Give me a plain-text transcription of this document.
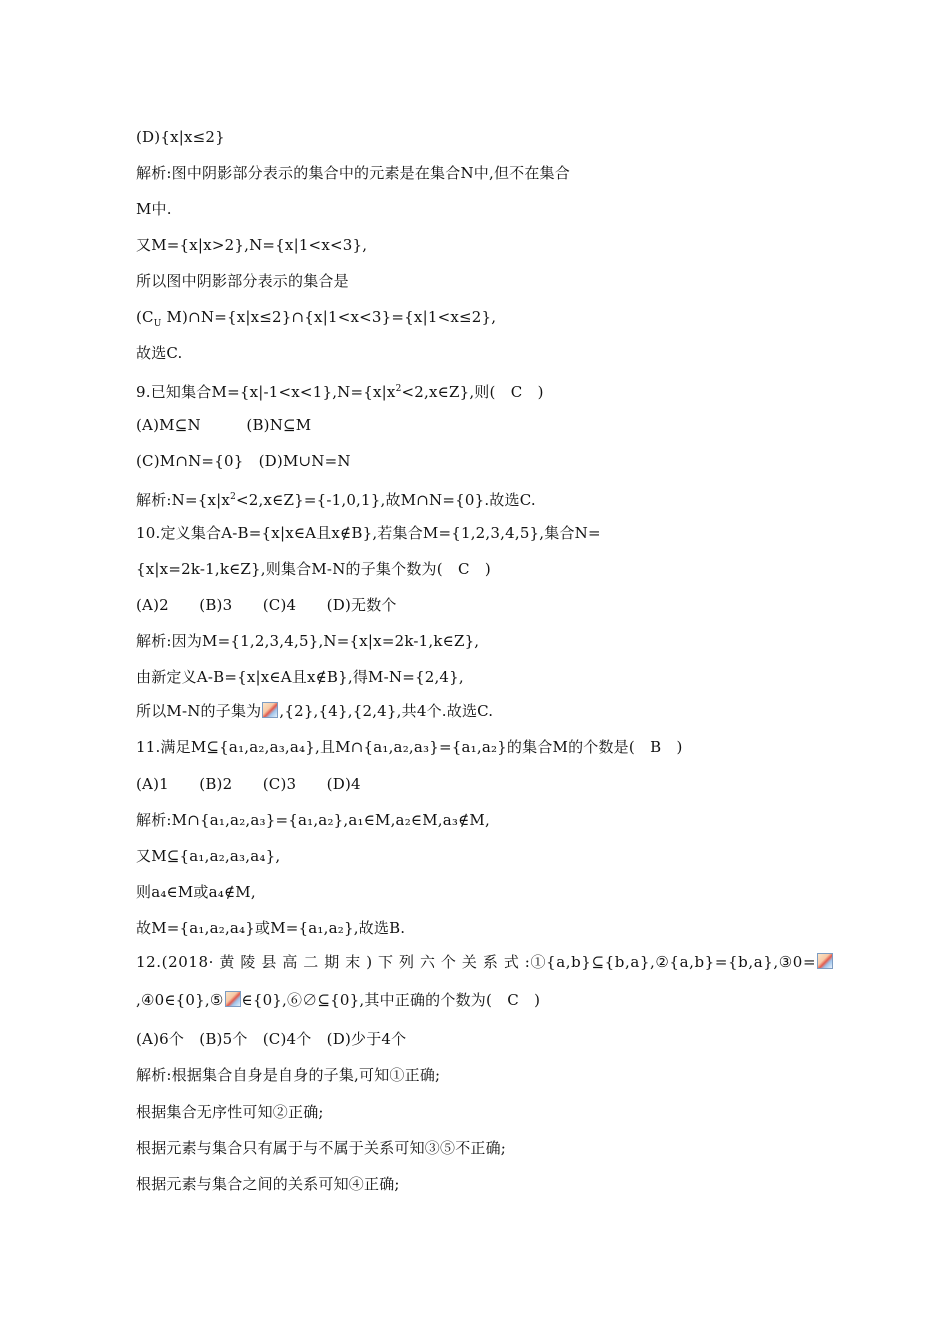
(D){x|x≤2}
解析:图中阴影部分表示的集合中的元素是在集合N中,但不在集合
M中.
又M={x|x>2},N={x|1<x<3},
所以图中阴影部分表示的集合是
($C_U$ M)∩N={x|x≤2}∩{x|1<x<3}={x|1<x≤2},
故选C.
9.已知集合$M=\{x|-1<x<1\},N=\{x|x^2<2,x\in Z\}$,则(　C　)
(A)M⊆N　　　(B)N⊆M
(C)M∩N={0}　(D)M∪N=N
解析$:N=\{x|x^2<2,x\in Z\}=\{-1,0,1\}$,故M∩N={0}.故选C.
10.定义集合A-B={x|x∈A且x∉B},若集合M={1,2,3,4,5},集合N=
{x|x=2k-1,k∈Z},则集合M-N的子集个数为(　C　)
(A)2　　(B)3　　(C)4　　(D)无数个
解析:因为M={1,2,3,4,5},N={x|x=2k-1,k∈Z},
由新定义A-B={x|x∈A且x∉B},得M-N={2,4},
所以M-N的子集为 ,{2},{4},{2,4},共4个.故选C.
11.满足M⊆{a₁,a₂,a₃,a₄},且M∩{a₁,a₂,a₃}={a₁,a₂}的集合M的个数是(　B　)
(A)1　　(B)2　　(C)3　　(D)4
解析:M∩{a₁,a₂,a₃}={a₁,a₂},a₁∈M,a₂∈M,a₃∉M,
又M⊆{a₁,a₂,a₃,a₄},
则a₄∈M或a₄∉M,
故M={a₁,a₂,a₄}或M={a₁,a₂},故选B.
12.(2018· 黄 陵 县 高 二 期 末 ) 下 列 六 个 关 系 式 :①{a,b}⊆{b,a},②{a,b}={b,a},③0=
,④0∈{0},⑤ ∈{0},⑥∅⊆{0},其中正确的个数为(　C　)
(A)6个　(B)5个　(C)4个　(D)少于4个
解析:根据集合自身是自身的子集,可知①正确;
根据集合无序性可知②正确;
根据元素与集合只有属于与不属于关系可知③⑤不正确;
根据元素与集合之间的关系可知④正确;
